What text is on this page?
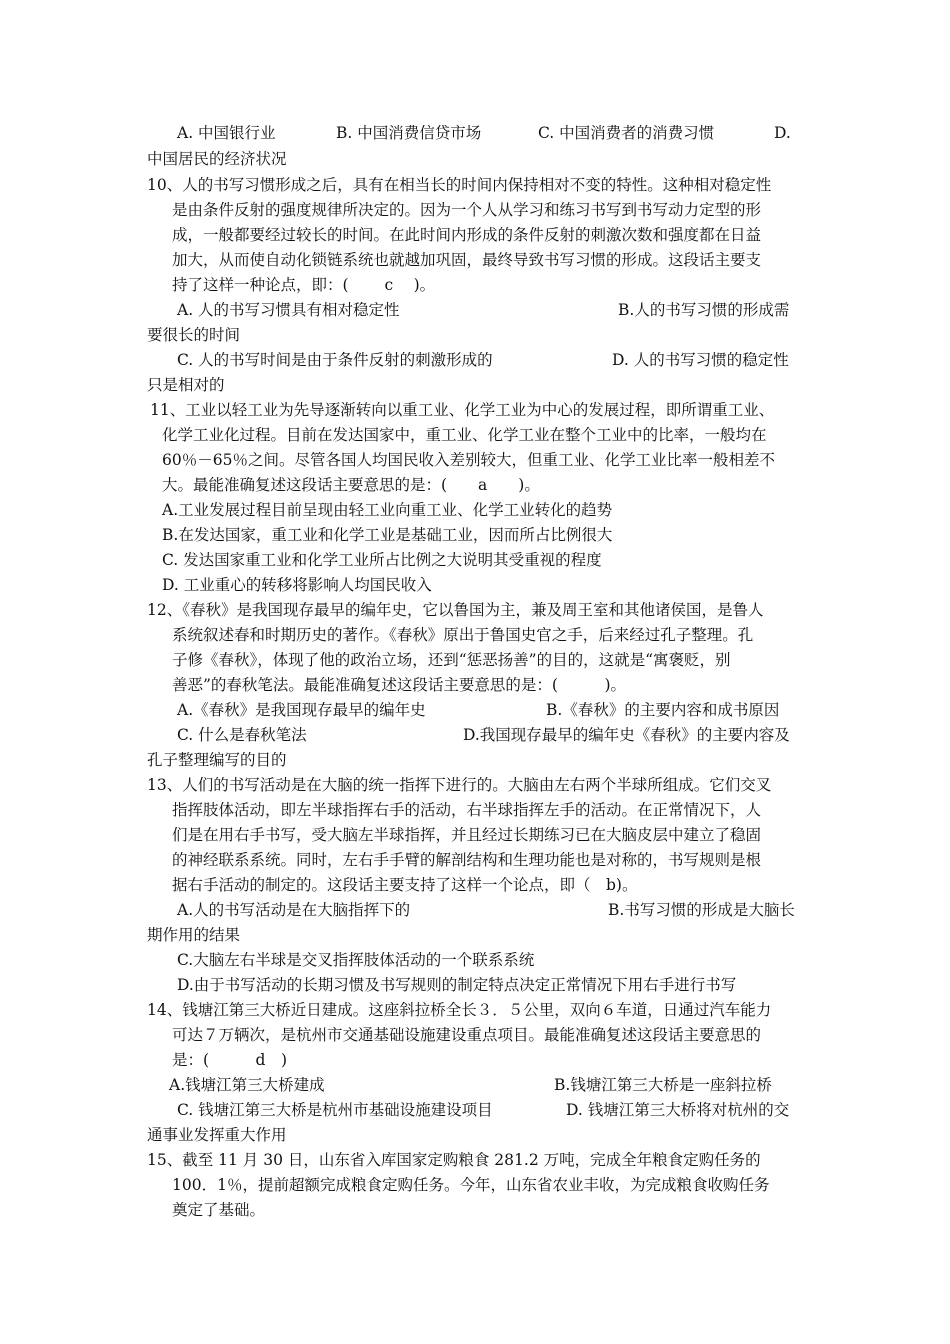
A. 中国银行业	B. 中国消费信贷市场	C. 中国消费者的消费习惯	D.
中国居民的经济状况
10、人的书写习惯形成之后，具有在相当长的时间内保持相对不变的特性。这种相对稳定性
是由条件反射的强度规律所决定的。因为一个人从学习和练习书写到书写动力定型的形
成，一般都要经过较长的时间。在此时间内形成的条件反射的刺激次数和强度都在日益
加大，从而使自动化锁链系统也就越加巩固，最终导致书写习惯的形成。这段话主要支
持了这样一种论点，即：(　　 c　 )。
A. 人的书写习惯具有相对稳定性	B.人的书写习惯的形成需
要很长的时间
C. 人的书写时间是由于条件反射的刺激形成的	D. 人的书写习惯的稳定性
只是相对的
11、工业以轻工业为先导逐渐转向以重工业、化学工业为中心的发展过程，即所谓重工业、
化学工业化过程。目前在发达国家中，重工业、化学工业在整个工业中的比率，一般均在
60％－65％之间。尽管各国人均国民收入差别较大，但重工业、化学工业比率一般相差不
大。最能准确复述这段话主要意思的是：(　　a　　)。
A.工业发展过程目前呈现由轻工业向重工业、化学工业转化的趋势
B.在发达国家，重工业和化学工业是基础工业，因而所占比例很大
C. 发达国家重工业和化学工业所占比例之大说明其受重视的程度
D. 工业重心的转移将影响人均国民收入
12、《春秋》是我国现存最早的编年史，它以鲁国为主，兼及周王室和其他诸侯国，是鲁人
系统叙述春和时期历史的著作。《春秋》原出于鲁国史官之手，后来经过孔子整理。孔
子修《春秋》，体现了他的政治立场，还到“惩恶扬善”的目的，这就是“寓褒贬，别
善恶”的春秋笔法。最能准确复述这段话主要意思的是：(　　　)。
A.《春秋》是我国现存最早的编年史	B.《春秋》的主要内容和成书原因
C. 什么是春秋笔法	D.我国现存最早的编年史《春秋》的主要内容及
孔子整理编写的目的
13、人们的书写活动是在大脑的统一指挥下进行的。大脑由左右两个半球所组成。它们交叉
指挥肢体活动，即左半球指挥右手的活动，右半球指挥左手的活动。在正常情况下，人
们是在用右手书写，受大脑左半球指挥，并且经过长期练习已在大脑皮层中建立了稳固
的神经联系系统。同时，左右手手臂的解剖结构和生理功能也是对称的，书写规则是根
据右手活动的制定的。这段话主要支持了这样一个论点，即（　b)。
A.人的书写活动是在大脑指挥下的	B.书写习惯的形成是大脑长
期作用的结果
C.大脑左右半球是交叉指挥肢体活动的一个联系系统
D.由于书写活动的长期习惯及书写规则的制定特点决定正常情况下用右手进行书写
14、钱塘江第三大桥近日建成。这座斜拉桥全长３．５公里，双向６车道，日通过汽车能力
可达７万辆次，是杭州市交通基础设施建设重点项目。最能准确复述这段话主要意思的
是：(　　　d　)
A.钱塘江第三大桥建成	B.钱塘江第三大桥是一座斜拉桥
C. 钱塘江第三大桥是杭州市基础设施建设项目	D. 钱塘江第三大桥将对杭州的交
通事业发挥重大作用
15、截至 11 月 30 日，山东省入库国家定购粮食 281.2 万吨，完成全年粮食定购任务的
100．1％，提前超额完成粮食定购任务。今年，山东省农业丰收，为完成粮食收购任务
奠定了基础。
